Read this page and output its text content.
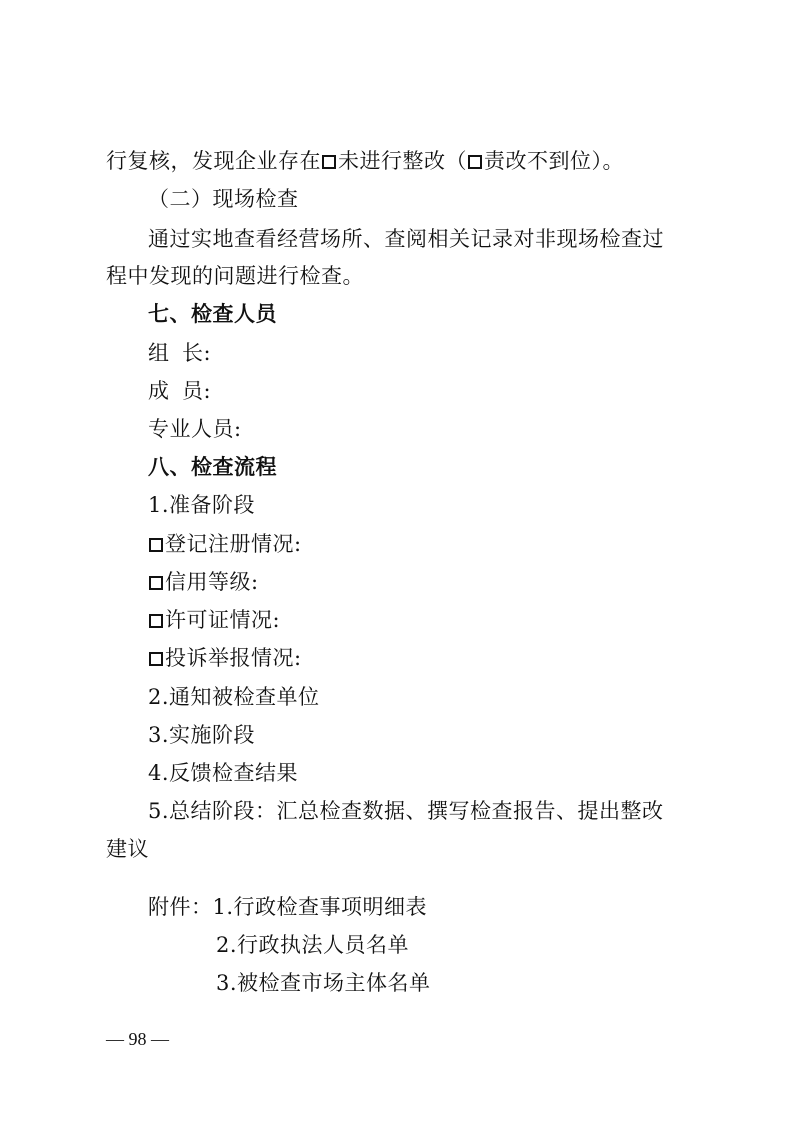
行复核，发现企业存在 未进行整改（ 责改不到位）。
（二）现场检查
通过实地查看经营场所、查阅相关记录对非现场检查过
程中发现的问题进行检查。
七、检查人员
组 长:
成 员:
专业人员:
八、检查流程
1.准备阶段
登记注册情况:
信用等级:
许可证情况:
投诉举报情况:
2.通知被检查单位
3.实施阶段
4.反馈检查结果
5.总结阶段：汇总检查数据、撰写检查报告、提出整改
建议
附件：1.行政检查事项明细表
2.行政执法人员名单
3.被检查市场主体名单
— 98 —
